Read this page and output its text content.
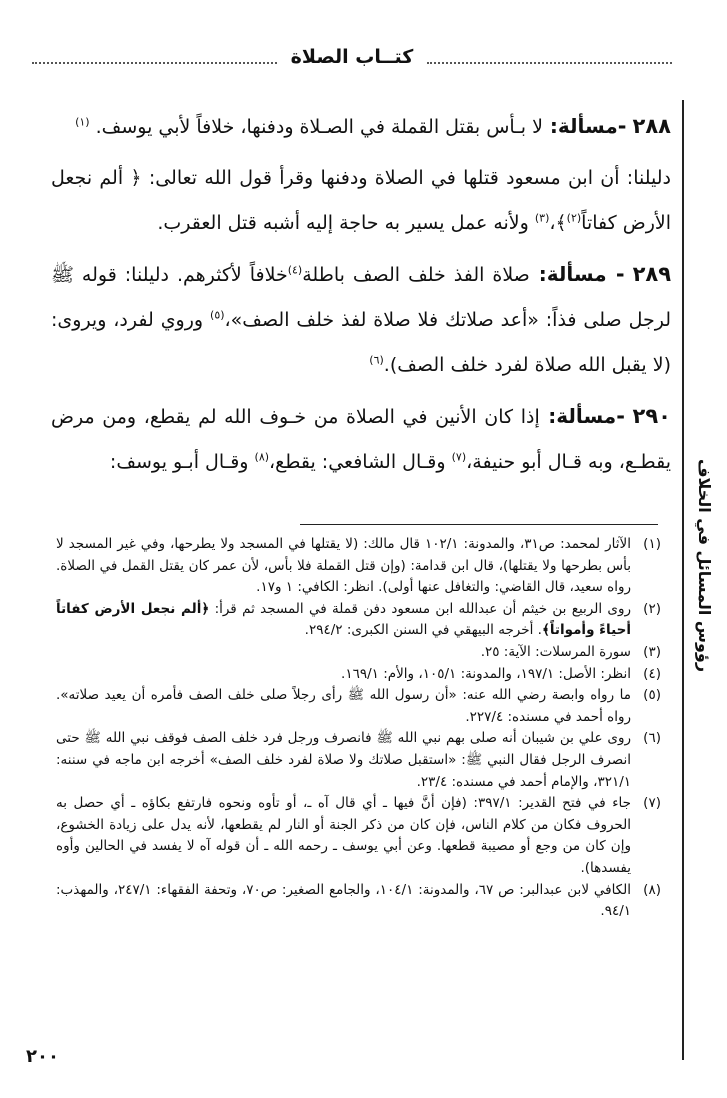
كتــاب الصلاة
رؤوس المسائل في الخلاف

٢٨٨ -مسألة: لا بـأس بقتل القملة في الصـلاة ودفنها، خلافاً لأبي يوسف. $^{(١)}$

دليلنا: أن ابن مسعود قتلها في الصلاة ودفنها وقرأ قول الله تعالى: ﴿ ألم نجعل الأرض كفاتاً$^{(٢)}$﴾،$^{(٣)}$ ولأنه عمل يسير به حاجة إليه أشبه قتل العقرب.

٢٨٩ - مسألة: صلاة الفذ خلف الصف باطلة$^{(٤)}$خلافاً لأكثرهم. دليلنا: قوله ﷺ لرجل صلى فذاً: «أعد صلاتك فلا صلاة لفذ خلف الصف»،$^{(٥)}$ وروي لفرد، ويروى: (لا يقبل الله صلاة لفرد خلف الصف).$^{(٦)}$

٢٩٠ -مسألة: إذا كان الأنين في الصلاة من خـوف الله لم يقطع، ومن مرض يقطـع، وبه قـال أبو حنيفة،$^{(٧)}$ وقـال الشافعي: يقطع،$^{(٨)}$ وقـال أبـو يوسف:

(١)
الآثار لمحمد: ص٣١، والمدونة: ١٠٢/١ قال مالك: (لا يقتلها في المسجد ولا يطرحها، وفي غير المسجد لا بأس بطرحها ولا يقتلها)، قال ابن قدامة: (وإن قتل القملة فلا بأس، لأن عمر كان يقتل القمل في الصلاة. رواه سعيد، قال القاضي: والتغافل عنها أولى). انظر: الكافي: ١ و١٧.
(٢)
روى الربيع بن خيثم أن عبدالله ابن مسعود دفن قملة في المسجد ثم قرأ: ﴿ألم نجعل الأرض كفاتاً أحياءً وأمواتاً﴾. أخرجه البيهقي في السنن الكبرى: ٢٩٤/٢.
(٣)
سورة المرسلات: الآية: ٢٥.
(٤)
انظر: الأصل: ١٩٧/١، والمدونة: ١٠٥/١، والأم: ١٦٩/١.
(٥)
ما رواه وابصة رضي الله عنه: «أن رسول الله ﷺ رأى رجلاً صلى خلف الصف فأمره أن يعيد صلاته». رواه أحمد في مسنده: ٢٢٧/٤.
(٦)
روى علي بن شيبان أنه صلى بهم نبي الله ﷺ فانصرف ورجل فرد خلف الصف فوقف نبي الله ﷺ حتى انصرف الرجل فقال النبي ﷺ: «استقبل صلاتك ولا صلاة لفرد خلف الصف» أخرجه ابن ماجه في سننه: ٣٢١/١، والإمام أحمد في مسنده: ٢٣/٤.
(٧)
جاء في فتح القدير: ٣٩٧/١: (فإن أنَّ فيها ـ أي قال آه ـ، أو تأوه ونحوه فارتفع بكاؤه ـ أي حصل به الحروف فكان من كلام الناس، فإن كان من ذكر الجنة أو النار لم يقطعها، لأنه يدل على زيادة الخشوع، وإن كان من وجع أو مصيبة قطعها. وعن أبي يوسف ـ رحمه الله ـ أن قوله آه لا يفسد في الحالين وأوه يفسدها).
(٨)
الكافي لابن عبدالبر: ص ٦٧، والمدونة: ١٠٤/١، والجامع الصغير: ص٧٠، وتحفة الفقهاء: ٢٤٧/١، والمهذب: ٩٤/١.
٢٠٠
